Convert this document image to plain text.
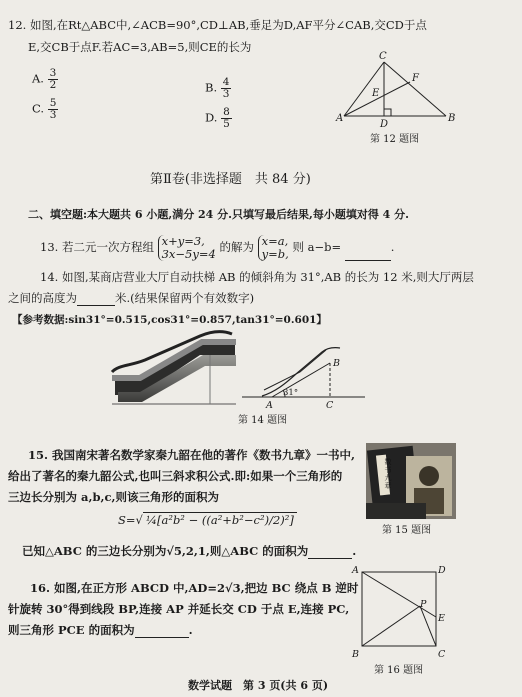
12. 如图,在Rt△ABC中,∠ACB=90°,CD⊥AB,垂足为D,AF平分∠CAB,交CD于点
E,交CB于点F.若AC=3,AB=5,则CE的长为
A. $\frac{3}{2}$	B. $\frac{4}{3}$
C. $\frac{5}{3}$	D. $\frac{8}{5}$
C
A	B
D
E
F
第 12 题图
第Ⅱ卷(非选择题　共 84 分)
二、填空题:本大题共 6 小题,满分 24 分.只填写最后结果,每小题填对得 4 分.
13. 若二元一次方程组 x+y=3,
3x−5y=4 的解为 x=a,
y=b, 则 a−b=	.
14. 如图,某商店营业大厅自动扶梯 AB 的倾斜角为 31°,AB 的长为 12 米,则大厅两层
之间的高度为	米.(结果保留两个有效数字)
【参考数据:sin31°=0.515,cos31°=0.857,tan31°=0.601】
A
B
C
31°
第 14 题图
15. 我国南宋著名数学家秦九韶在他的著作《数书九章》一书中,
给出了著名的秦九韶公式,也叫三斜求积公式.即:如果一个三角形的
三边长分别为 a,b,c,则该三角形的面积为
S=√ ¼[a²b² − ((a²+b²−c²)/2)²]
已知△ABC 的三边长分别为√5,2,1,则△ABC 的面积为	.
数书九章
第 15 题图
16. 如图,在正方形 ABCD 中,AD=2√3,把边 BC 绕点 B 逆时
针旋转 30°得到线段 BP,连接 AP 并延长交 CD 于点 E,连接 PC,
则三角形 PCE 的面积为	.
A	D
B	C
P
E
第 16 题图
数学试题　第 3 页(共 6 页)
